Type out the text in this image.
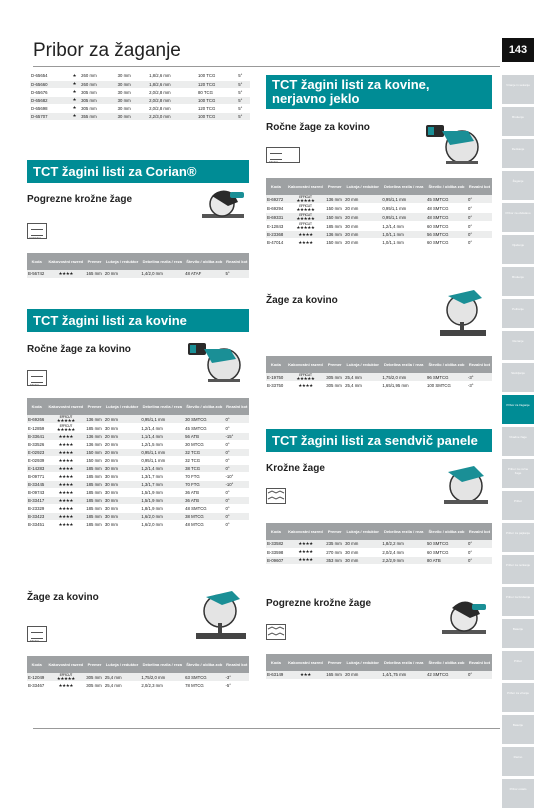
Pribor za žaganje	143
Vrtanje in sekanje
Brušenje
Rezkanje
Žaganje
Pribor za obdelavo
Vijačenje
Brušenje
Poliranje
Rezanje
Skobljanje
Pribor za žaganje
Vbadne žage
Pribor za ročne žage
Pribor
Pribor za pajkanje
Pribor za rezkanje
Pribor za brušenje
Baterije
Pribor
Pribor za vrtanje
Baterije
Razno
Pribor ostalo
D-65654	★	260 mm	30 mm	1,8/2,6 mm	100 TCG	5°
D-65660	★	260 mm	30 mm	1,8/2,6 mm	120 TCG	5°
D-65676	★	305 mm	30 mm	2,0/2,8 mm	80 TCG	5°
D-65682	★	305 mm	30 mm	2,0/2,8 mm	100 TCG	5°
D-65698	★	305 mm	30 mm	2,0/2,8 mm	120 TCG	5°
D-65707	★	355 mm	30 mm	2,2/3,0 mm	100 TCG	5°
TCT žagini listi za Corian®
Pogrezne krožne žage
CORIAN
Koda	Kakovostni razred	Premer	Luknja / reduktor	Debelina rezila / reza	Število / oblika zob	Rezalni kot
B-56742	★★★★	165 mm	20 mm	1,4/2,0 mm	48 ATAF	5°
TCT žagini listi za kovine
Ročne žage za kovino
METAL
Koda	Kakovostni razred	Premer	Luknja / reduktor	Debelina rezila / reza	Število / oblika zob	Rezalni kot
B-69266	EFFICUT
★★★★★	136 mm	20 mm	0,95/1,1 mm	30 SMTCG	0°
E-12859	EFFICUT
★★★★★	185 mm	30 mm	1,2/1,4 mm	45 SMTCG	0°
B-33641	★★★★	136 mm	20 mm	1,1/1,4 mm	56 ATB	-15°
B-33526	★★★★	136 mm	20 mm	1,2/1,5 mm	30 MTCG	0°
E-02923	★★★★	150 mm	20 mm	0,95/1,1 mm	32 TCG	0°
E-02939	★★★★	150 mm	20 mm	0,95/1,1 mm	32 TCG	0°
E-14283	★★★★	185 mm	30 mm	1,2/1,4 mm	38 TCG	0°
B-09771	★★★★	185 mm	30 mm	1,3/1,7 mm	70 FTG	-10°
B-33445	★★★★	185 mm	30 mm	1,3/1,7 mm	70 FTG	-10°
B-09743	★★★★	185 mm	30 mm	1,5/1,9 mm	36 ATB	0°
B-33417	★★★★	185 mm	30 mm	1,5/1,9 mm	36 ATB	0°
B-23329	★★★★	185 mm	30 mm	1,8/1,9 mm	48 SMTCG	0°
B-33423	★★★★	185 mm	30 mm	1,6/2,0 mm	38 MTCG	0°
B-33451	★★★★	185 mm	30 mm	1,6/2,0 mm	48 MTCG	0°
Žage za kovino
METAL
Koda	Kakovostni razred	Premer	Luknja / reduktor	Debelina rezila / reza	Število / oblika zob	Rezalni kot
E-12049	EFFICUT
★★★★★	305 mm	25,4 mm	1,75/2,0 mm	63 SMTCG	-3°
B-33467	★★★★	305 mm	25,4 mm	2,0/2,3 mm	78 MTCG	-5°
TCT žagini listi za kovine,
nerjavno jeklo
Ročne žage za kovino
METAL
Koda	Kakovostni razred	Premer	Luknja / reduktor	Debelina rezila / reza	Število / oblika zob	Rezalni kot
B-69272	EFFICUT
★★★★★	136 mm	20 mm	0,95/1,1 mm	45 SMTCG	0°
B-69294	EFFICUT
★★★★★	150 mm	20 mm	0,95/1,1 mm	48 SMTCG	0°
B-69331	EFFICUT
★★★★★	150 mm	20 mm	0,95/1,1 mm	48 SMTCG	0°
E-12843	EFFICUT
★★★★★	185 mm	30 mm	1,2/1,4 mm	60 SMTCG	0°
B-23368	★★★★	136 mm	20 mm	1,0/1,1 mm	56 SMTCG	0°
B-47014	★★★★	150 mm	20 mm	1,0/1,1 mm	60 SMTCG	0°
Žage za kovino
Koda	Kakovostni razred	Premer	Luknja / reduktor	Debelina rezila / reza	Število / oblika zob	Rezalni kot
E-19750	EFFICUT
★★★★★	305 mm	25,4 mm	1,75/2,0 mm	96 SMTCG	-3°
B-33750	★★★★	305 mm	25,4 mm	1,65/1,95 mm	100 SMTCG	-3°
TCT žagini listi za sendvič panele
Krožne žage
Koda	Kakovostni razred	Premer	Luknja / reduktor	Debelina rezila / reza	Število / oblika zob	Rezalni kot
B-33582	★★★★	235 mm	30 mm	1,8/2,2 mm	50 SMTCG	0°
B-33598	★★★★	270 mm	30 mm	2,0/2,4 mm	60 SMTCG	0°
B-09607	★★★★	353 mm	30 mm	2,2/2,9 mm	80 ATB	0°
Pogrezne krožne žage
Koda	Kakovostni razred	Premer	Luknja / reduktor	Debelina rezila / reza	Število / oblika zob	Rezalni kot
B-63149	★★★	165 mm	20 mm	1,4/1,75 mm	42 SMTCG	0°
